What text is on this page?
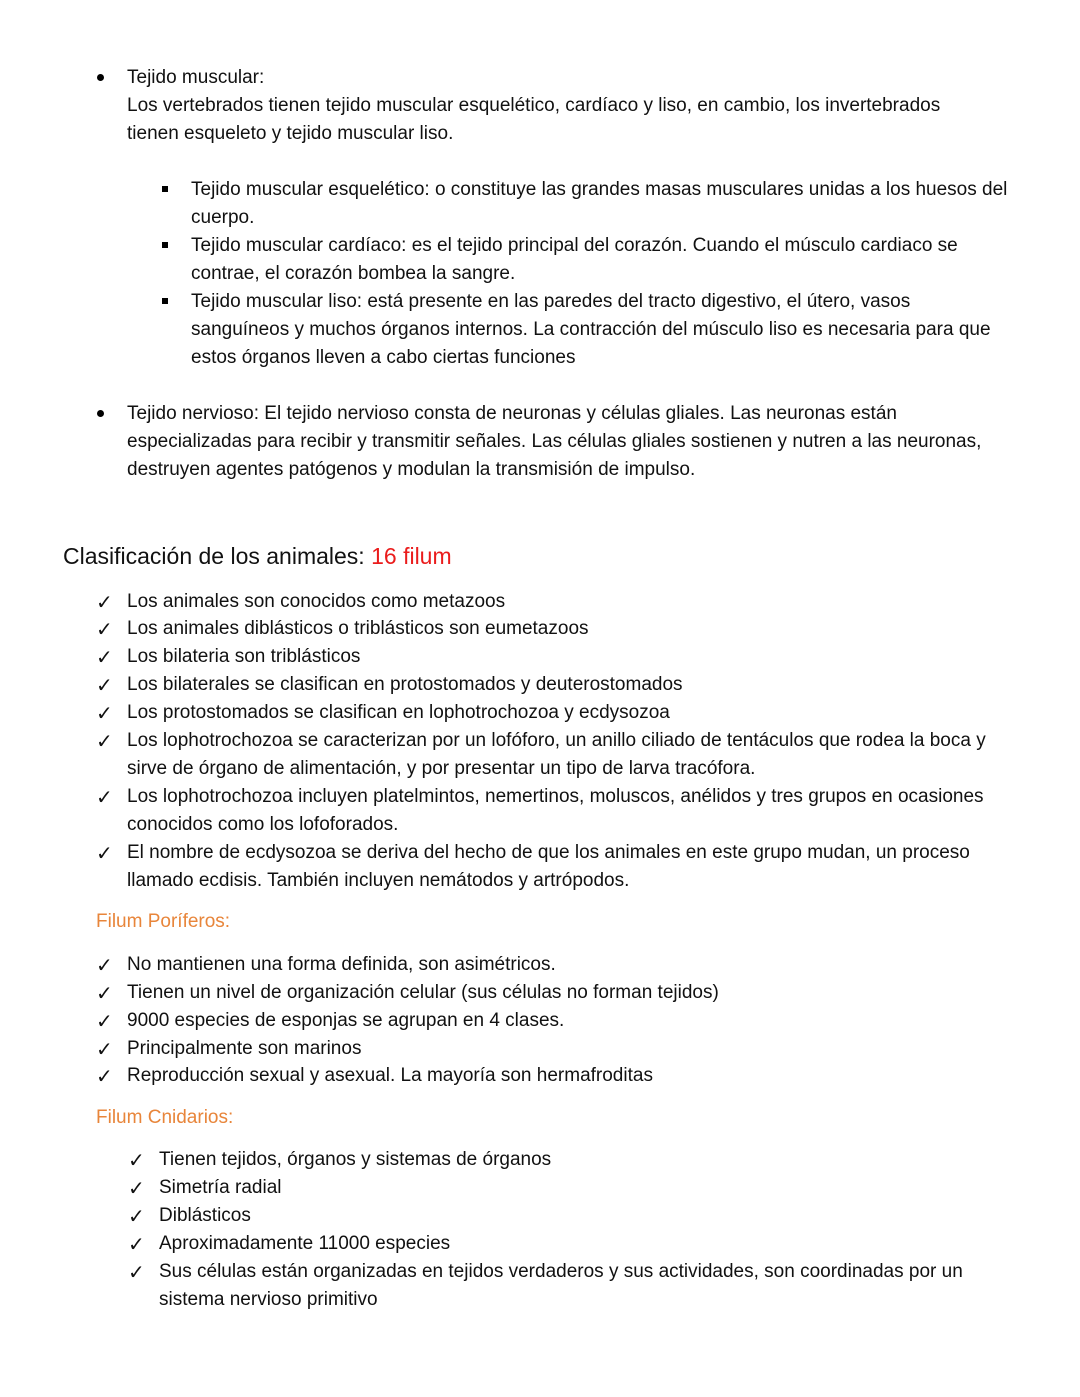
Tejido muscular:
Los vertebrados tienen tejido muscular esquelético, cardíaco y liso, en cambio, los invertebrados
tienen esqueleto y tejido muscular liso.
Tejido muscular esquelético: o constituye las grandes masas musculares unidas a los huesos del
cuerpo.
Tejido muscular cardíaco: es el tejido principal del corazón. Cuando el músculo cardiaco se
contrae, el corazón bombea la sangre.
Tejido muscular liso: está presente en las paredes del tracto digestivo, el útero, vasos
sanguíneos y muchos órganos internos. La contracción del músculo liso es necesaria para que
estos órganos lleven a cabo ciertas funciones
Tejido nervioso: El tejido nervioso consta de neuronas y células gliales. Las neuronas están
especializadas para recibir y transmitir señales. Las células gliales sostienen y nutren a las neuronas,
destruyen agentes patógenos y modulan la transmisión de impulso.
Clasificación de los animales: 16 filum
✓ Los animales son conocidos como metazoos
✓ Los animales diblásticos o triblásticos son eumetazoos
✓ Los bilateria son triblásticos
✓ Los bilaterales se clasifican en protostomados y deuterostomados
✓ Los protostomados se clasifican en lophotrochozoa y ecdysozoa
✓ Los lophotrochozoa se caracterizan por un lofóforo, un anillo ciliado de tentáculos que rodea la boca y
sirve de órgano de alimentación, y por presentar un tipo de larva tracófora.
✓ Los lophotrochozoa incluyen platelmintos, nemertinos, moluscos, anélidos y tres grupos en ocasiones
conocidos como los lofoforados.
✓ El nombre de ecdysozoa se deriva del hecho de que los animales en este grupo mudan, un proceso
llamado ecdisis. También incluyen nemátodos y artrópodos.
Filum Poríferos:
✓ No mantienen una forma definida, son asimétricos.
✓ Tienen un nivel de organización celular (sus células no forman tejidos)
✓ 9000 especies de esponjas se agrupan en 4 clases.
✓ Principalmente son marinos
✓ Reproducción sexual y asexual. La mayoría son hermafroditas
Filum Cnidarios:
✓ Tienen tejidos, órganos y sistemas de órganos
✓ Simetría radial
✓ Diblásticos
✓ Aproximadamente 11000 especies
✓ Sus células están organizadas en tejidos verdaderos y sus actividades, son coordinadas por un
sistema nervioso primitivo
